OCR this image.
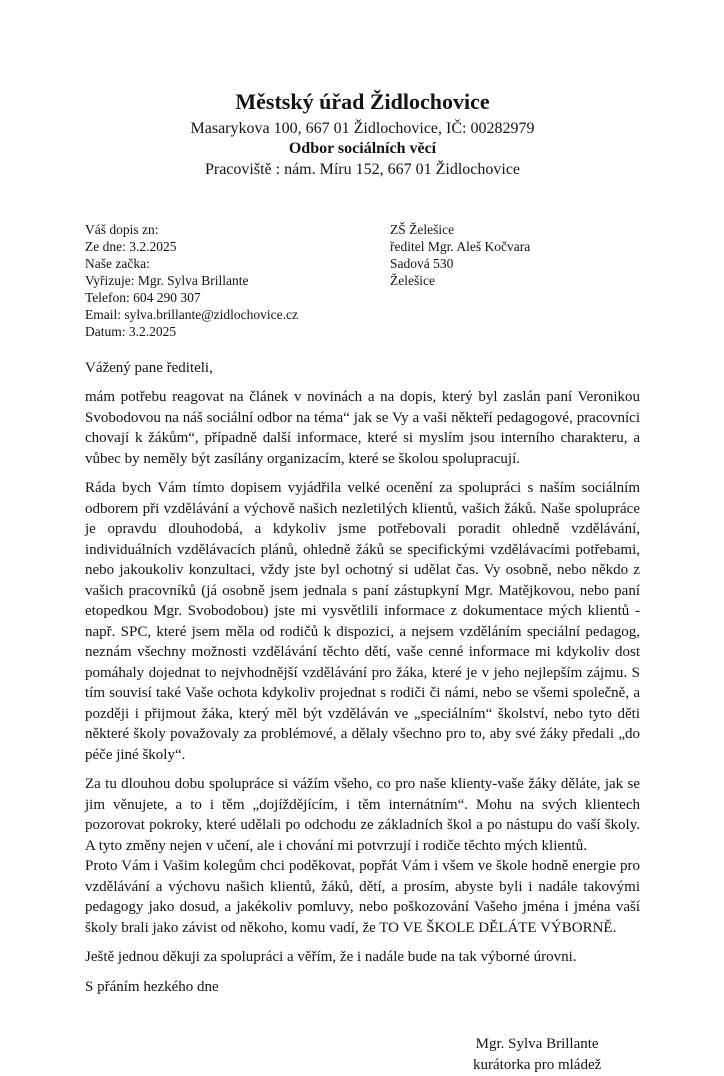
Městský úřad Židlochovice
Masarykova 100, 667 01 Židlochovice, IČ: 00282979
Odbor sociálních věcí
Pracoviště : nám. Míru 152, 667 01 Židlochovice
Váš dopis zn:
Ze dne: 3.2.2025
Naše začka:
Vyřizuje: Mgr. Sylva Brillante
Telefon: 604 290 307
Email: sylva.brillante@zidlochovice.cz
Datum: 3.2.2025
ZŠ Želešice
ředitel Mgr. Aleš Kočvara
Sadová 530
Želešice

Vážený pane řediteli,

mám potřebu reagovat na článek v novinách a na dopis, který byl zaslán paní Veronikou Svobodovou na náš sociální odbor na téma“ jak se Vy a vaši někteří pedagogové, pracovníci chovají k žákům“, případně další informace, které si myslím jsou interního charakteru, a vůbec by neměly být zasílány organizacím, které se školou spolupracují.

Ráda bych Vám tímto dopisem vyjádřila velké ocenění za spolupráci s naším sociálním odborem při vzdělávání a výchově našich nezletilých klientů, vašich žáků. Naše spolupráce je opravdu dlouhodobá, a kdykoliv jsme potřebovali poradit ohledně vzdělávání, individuálních vzdělávacích plánů, ohledně žáků se specifickými vzdělávacími potřebami, nebo jakoukoliv konzultaci, vždy jste byl ochotný si udělat čas. Vy osobně, nebo někdo z vašich pracovníků (já osobně jsem jednala s paní zástupkyní Mgr. Matějkovou, nebo paní etopedkou Mgr. Svobodobou) jste mi vysvětlili informace z dokumentace mých klientů - např. SPC, které jsem měla od rodičů k dispozici, a nejsem vzděláním speciální pedagog, neznám všechny možnosti vzdělávání těchto dětí, vaše cenné informace mi kdykoliv dost pomáhaly dojednat to nejvhodnější vzdělávání pro žáka, které je v jeho nejlepším zájmu. S tím souvisí také Vaše ochota kdykoliv projednat s rodiči či námi, nebo se všemi společně, a později i přijmout žáka, který měl být vzděláván ve „speciálním“ školství, nebo tyto děti některé školy považovaly za problémové, a dělaly všechno pro to, aby své žáky předali „do péče jiné školy“.

Za tu dlouhou dobu spolupráce si vážím všeho, co pro naše klienty-vaše žáky děláte, jak se jim věnujete, a to i těm „dojíždějícím, i těm internátním“. Mohu na svých klientech pozorovat pokroky, které udělali po odchodu ze základních škol a po nástupu do vaší školy. A tyto změny nejen v učení, ale i chování mi potvrzují i rodiče těchto mých klientů.

Proto Vám i Vašim kolegům chci poděkovat, popřát Vám i všem ve škole hodně energie pro vzdělávání a výchovu našich klientů, žáků, dětí, a prosím, abyste byli i nadále takovými pedagogy jako dosud, a jakékoliv pomluvy, nebo poškozování Vašeho jména i jména vaší školy brali jako závist od někoho, komu vadí, že TO VE ŠKOLE DĚLÁTE VÝBORNĚ.

Ještě jednou děkuji za spolupráci a věřím, že i nadále bude na tak výborné úrovni.

S přáním hezkého dne

Mgr. Sylva Brillante
kurátorka pro mládež
